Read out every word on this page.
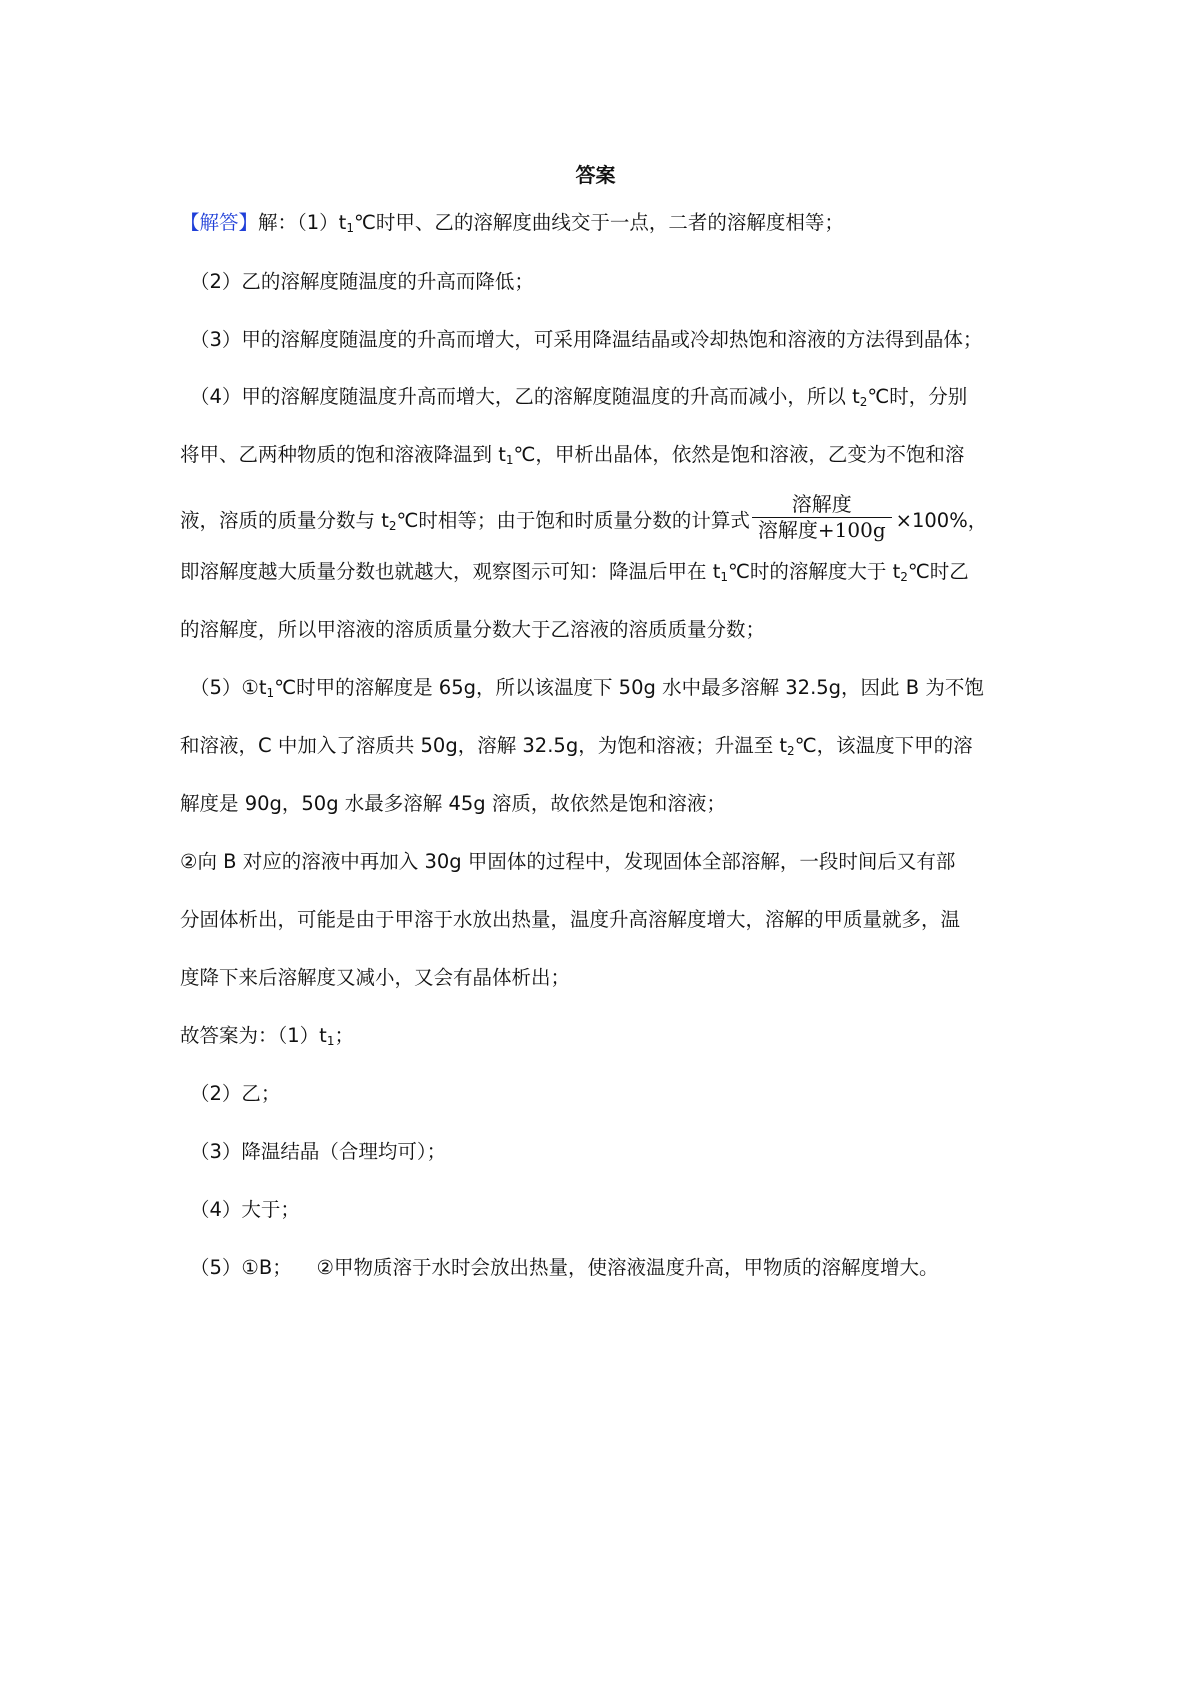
答案
【解答】解：$(1)t_1℃$时甲、乙的溶解度曲线交于一点，二者的溶解度相等；
（2）乙的溶解度随温度的升高而降低；
（3）甲的溶解度随温度的升高而增大，可采用降温结晶或冷却热饱和溶液的方法得到晶体；
（4）甲的溶解度随温度升高而增大，乙的溶解度随温度的升高而减小，所以 $t_2℃$时，分别
将甲、乙两种物质的饱和溶液降温到 $t_1℃$，甲析出晶体，依然是饱和溶液，乙变为不饱和溶
液，溶质的质量分数与 $t_2℃$时相等；由于饱和时质量分数的计算式 $\frac{\text{溶解度}}{\text{溶解度+100g}} \times 100\%$，
即溶解度越大质量分数也就越大，观察图示可知：降温后甲在 $t_1℃$时的溶解度大于 $t_2℃$时乙
的溶解度，所以甲溶液的溶质质量分数大于乙溶液的溶质质量分数；
$(5)①t_1℃$时甲的溶解度是 65g，所以该温度下 50g 水中最多溶解 32.5g，因此 B 为不饱
和溶液，C 中加入了溶质共 50g，溶解 32.5g，为饱和溶液；升温至 $t_2℃$，该温度下甲的溶
解度是 90g，50g 水最多溶解 45g 溶质，故依然是饱和溶液；
②向 B 对应的溶液中再加入 30g 甲固体的过程中，发现固体全部溶解，一段时间后又有部
分固体析出，可能是由于甲溶于水放出热量，温度升高溶解度增大，溶解的甲质量就多，温
度降下来后溶解度又减小，又会有晶体析出；
故答案为：$(1)t_1$；
（2）乙；
（3）降温结晶（合理均可）；
（4）大于；
（5）①B；    ②甲物质溶于水时会放出热量，使溶液温度升高，甲物质的溶解度增大。
